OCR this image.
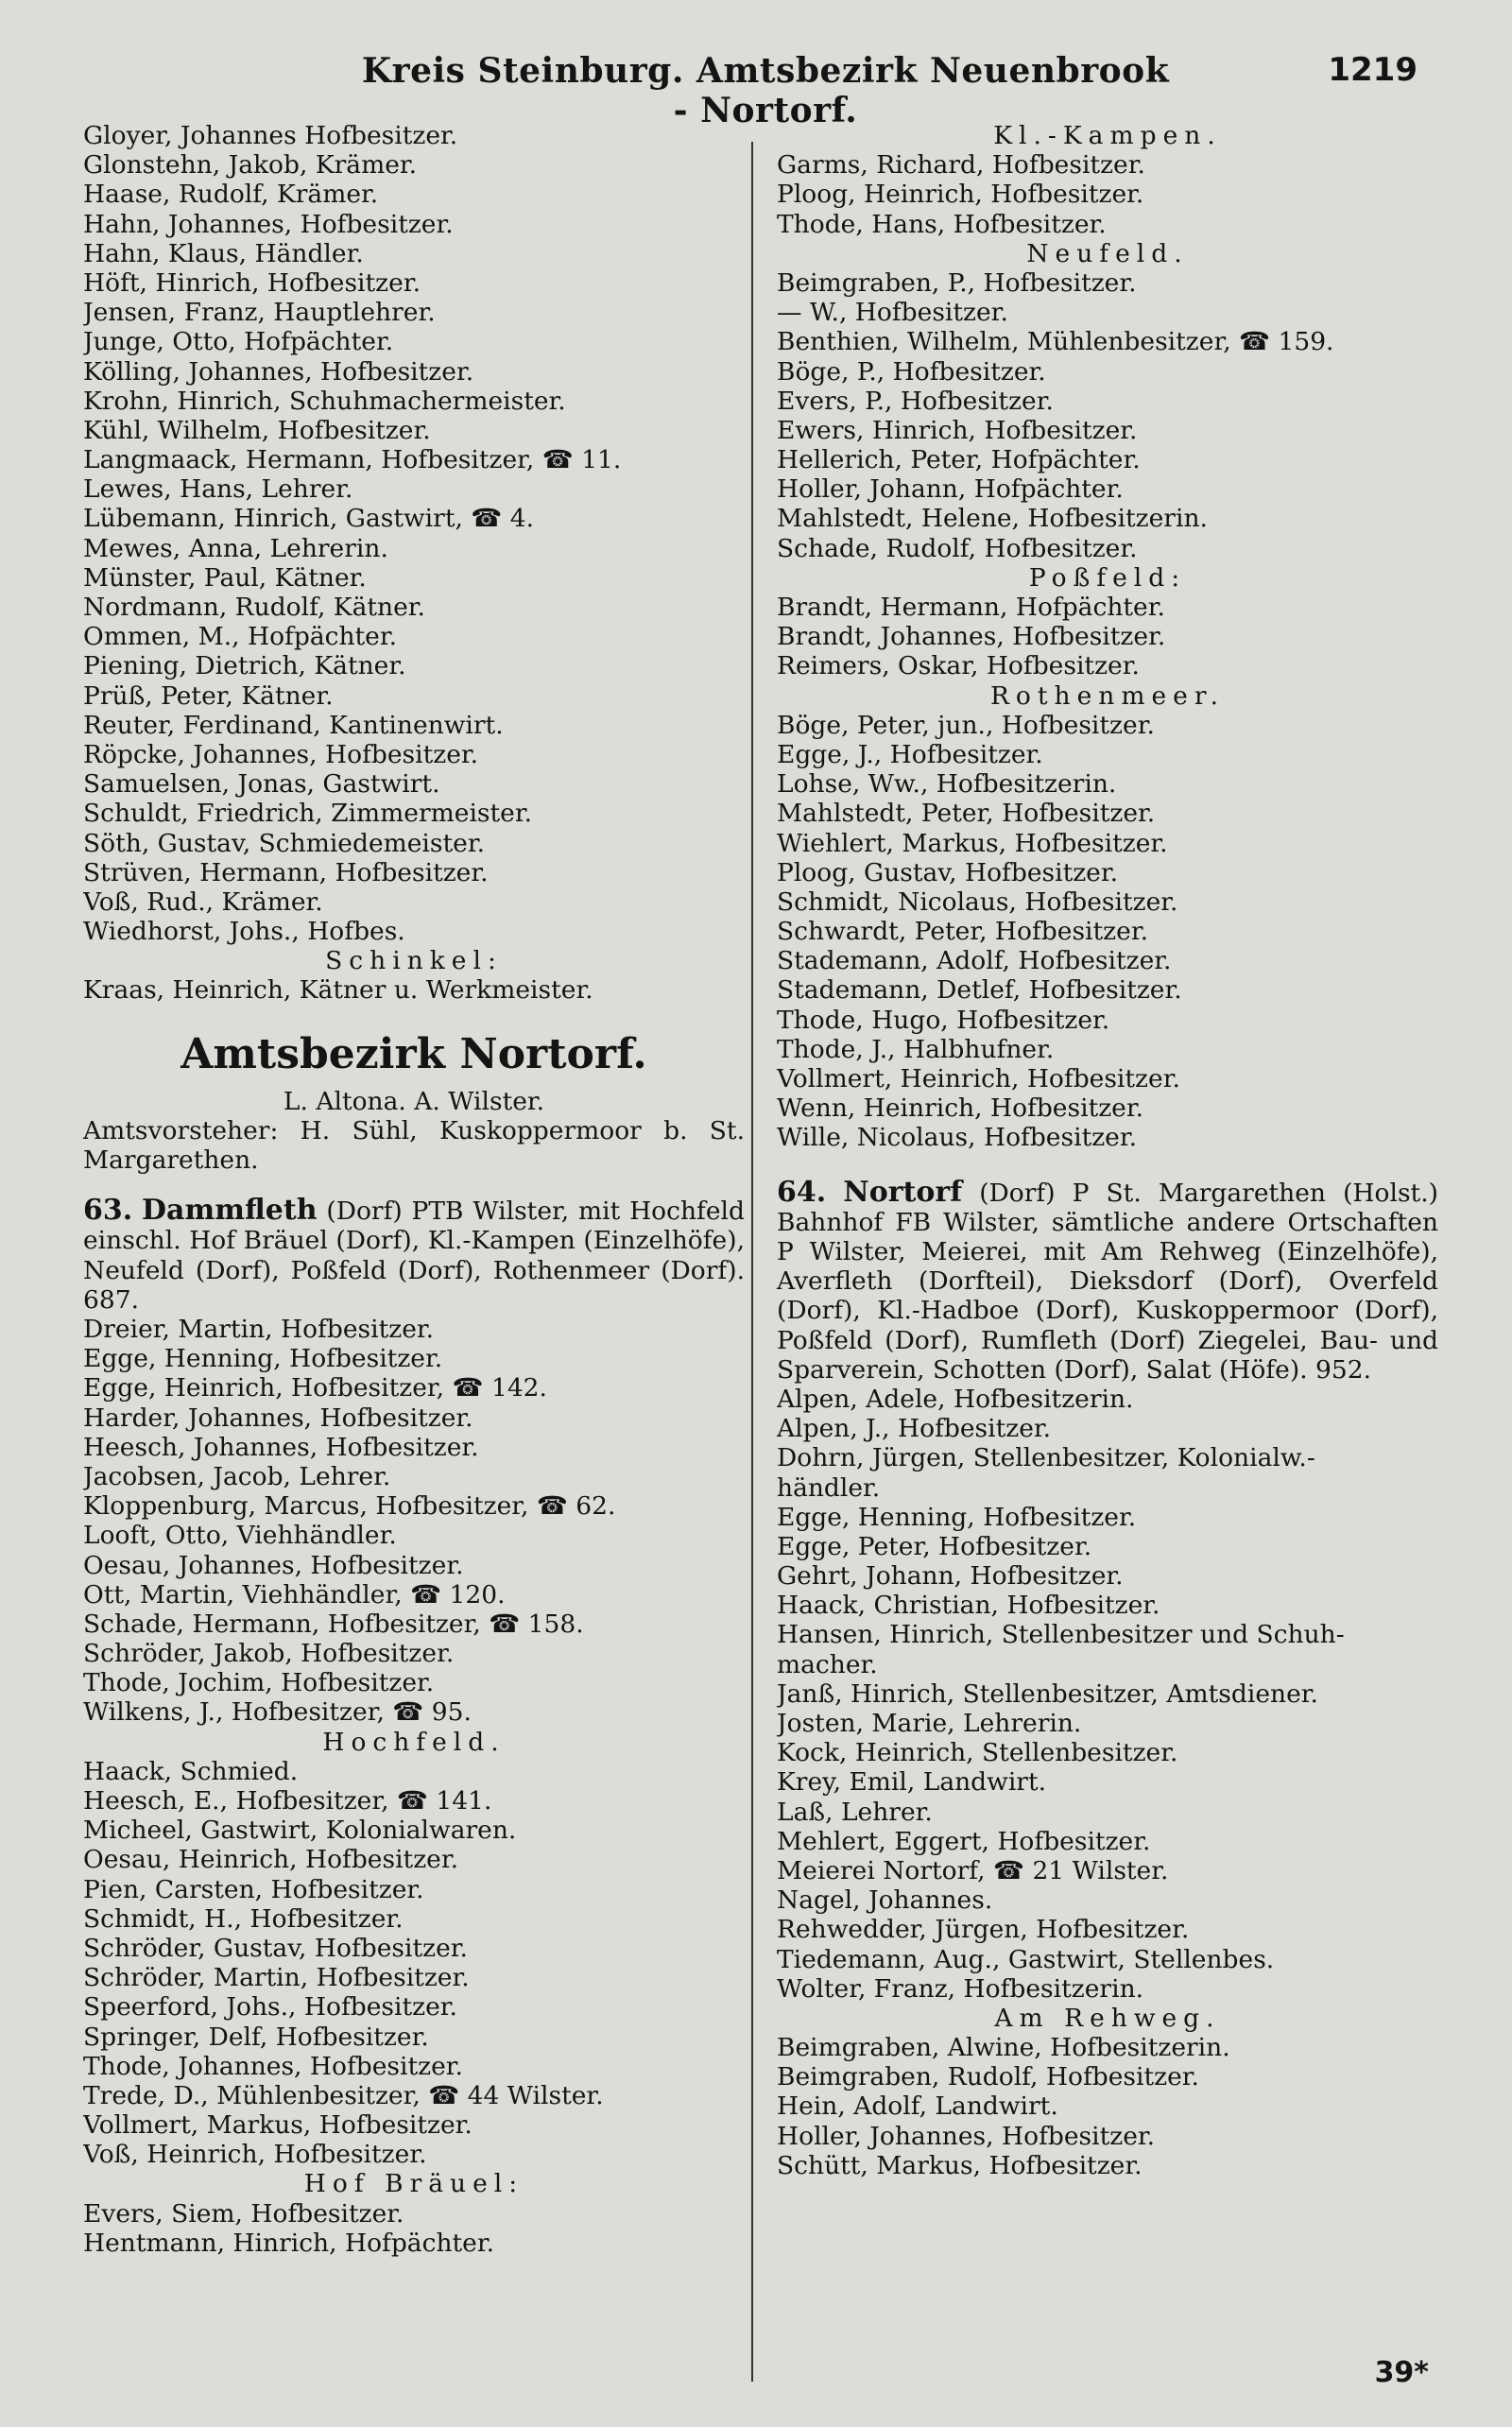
Kreis Steinburg. Amtsbezirk Neuenbrook - Nortorf.
1219
Gloyer, Johannes Hofbesitzer.
Glonstehn, Jakob, Krämer.
Haase, Rudolf, Krämer.
Hahn, Johannes, Hofbesitzer.
Hahn, Klaus, Händler.
Höft, Hinrich, Hofbesitzer.
Jensen, Franz, Hauptlehrer.
Junge, Otto, Hofpächter.
Kölling, Johannes, Hofbesitzer.
Krohn, Hinrich, Schuhmachermeister.
Kühl, Wilhelm, Hofbesitzer.
Langmaack, Hermann, Hofbesitzer, ☎ 11.
Lewes, Hans, Lehrer.
Lübemann, Hinrich, Gastwirt, ☎ 4.
Mewes, Anna, Lehrerin.
Münster, Paul, Kätner.
Nordmann, Rudolf, Kätner.
Ommen, M., Hofpächter.
Piening, Dietrich, Kätner.
Prüß, Peter, Kätner.
Reuter, Ferdinand, Kantinenwirt.
Röpcke, Johannes, Hofbesitzer.
Samuelsen, Jonas, Gastwirt.
Schuldt, Friedrich, Zimmermeister.
Söth, Gustav, Schmiedemeister.
Strüven, Hermann, Hofbesitzer.
Voß, Rud., Krämer.
Wiedhorst, Johs., Hofbes.
Schinkel:
Kraas, Heinrich, Kätner u. Werkmeister.
Amtsbezirk Nortorf.
L. Altona. A. Wilster.
Amtsvorsteher: H. Sühl, Kuskoppermoor b. St. Margarethen.
63. Dammfleth (Dorf) PTB Wilster, mit Hochfeld einschl. Hof Bräuel (Dorf), Kl.-Kampen (Einzelhöfe), Neufeld (Dorf), Poßfeld (Dorf), Rothenmeer (Dorf). 687.
Dreier, Martin, Hofbesitzer.
Egge, Henning, Hofbesitzer.
Egge, Heinrich, Hofbesitzer, ☎ 142.
Harder, Johannes, Hofbesitzer.
Heesch, Johannes, Hofbesitzer.
Jacobsen, Jacob, Lehrer.
Kloppenburg, Marcus, Hofbesitzer, ☎ 62.
Looft, Otto, Viehhändler.
Oesau, Johannes, Hofbesitzer.
Ott, Martin, Viehhändler, ☎ 120.
Schade, Hermann, Hofbesitzer, ☎ 158.
Schröder, Jakob, Hofbesitzer.
Thode, Jochim, Hofbesitzer.
Wilkens, J., Hofbesitzer, ☎ 95.
Hochfeld.
Haack, Schmied.
Heesch, E., Hofbesitzer, ☎ 141.
Micheel, Gastwirt, Kolonialwaren.
Oesau, Heinrich, Hofbesitzer.
Pien, Carsten, Hofbesitzer.
Schmidt, H., Hofbesitzer.
Schröder, Gustav, Hofbesitzer.
Schröder, Martin, Hofbesitzer.
Speerford, Johs., Hofbesitzer.
Springer, Delf, Hofbesitzer.
Thode, Johannes, Hofbesitzer.
Trede, D., Mühlenbesitzer, ☎ 44 Wilster.
Vollmert, Markus, Hofbesitzer.
Voß, Heinrich, Hofbesitzer.
Hof Bräuel:
Evers, Siem, Hofbesitzer.
Hentmann, Hinrich, Hofpächter.
Kl.-Kampen.
Garms, Richard, Hofbesitzer.
Ploog, Heinrich, Hofbesitzer.
Thode, Hans, Hofbesitzer.
Neufeld.
Beimgraben, P., Hofbesitzer.
— W., Hofbesitzer.
Benthien, Wilhelm, Mühlenbesitzer, ☎ 159.
Böge, P., Hofbesitzer.
Evers, P., Hofbesitzer.
Ewers, Hinrich, Hofbesitzer.
Hellerich, Peter, Hofpächter.
Holler, Johann, Hofpächter.
Mahlstedt, Helene, Hofbesitzerin.
Schade, Rudolf, Hofbesitzer.
Poßfeld:
Brandt, Hermann, Hofpächter.
Brandt, Johannes, Hofbesitzer.
Reimers, Oskar, Hofbesitzer.
Rothenmeer.
Böge, Peter, jun., Hofbesitzer.
Egge, J., Hofbesitzer.
Lohse, Ww., Hofbesitzerin.
Mahlstedt, Peter, Hofbesitzer.
Wiehlert, Markus, Hofbesitzer.
Ploog, Gustav, Hofbesitzer.
Schmidt, Nicolaus, Hofbesitzer.
Schwardt, Peter, Hofbesitzer.
Stademann, Adolf, Hofbesitzer.
Stademann, Detlef, Hofbesitzer.
Thode, Hugo, Hofbesitzer.
Thode, J., Halbhufner.
Vollmert, Heinrich, Hofbesitzer.
Wenn, Heinrich, Hofbesitzer.
Wille, Nicolaus, Hofbesitzer.
64. Nortorf (Dorf) P St. Margarethen (Holst.) Bahnhof FB Wilster, sämtliche andere Ortschaften P Wilster, Meierei, mit Am Rehweg (Einzelhöfe), Averfleth (Dorfteil), Dieksdorf (Dorf), Overfeld (Dorf), Kl.-Hadboe (Dorf), Kuskoppermoor (Dorf), Poßfeld (Dorf), Rumfleth (Dorf) Ziegelei, Bau- und Sparverein, Schotten (Dorf), Salat (Höfe). 952.
Alpen, Adele, Hofbesitzerin.
Alpen, J., Hofbesitzer.
Dohrn, Jürgen, Stellenbesitzer, Kolonialw.-
händler.
Egge, Henning, Hofbesitzer.
Egge, Peter, Hofbesitzer.
Gehrt, Johann, Hofbesitzer.
Haack, Christian, Hofbesitzer.
Hansen, Hinrich, Stellenbesitzer und Schuh-
macher.
Janß, Hinrich, Stellenbesitzer, Amtsdiener.
Josten, Marie, Lehrerin.
Kock, Heinrich, Stellenbesitzer.
Krey, Emil, Landwirt.
Laß, Lehrer.
Mehlert, Eggert, Hofbesitzer.
Meierei Nortorf, ☎ 21 Wilster.
Nagel, Johannes.
Rehwedder, Jürgen, Hofbesitzer.
Tiedemann, Aug., Gastwirt, Stellenbes.
Wolter, Franz, Hofbesitzerin.
Am Rehweg.
Beimgraben, Alwine, Hofbesitzerin.
Beimgraben, Rudolf, Hofbesitzer.
Hein, Adolf, Landwirt.
Holler, Johannes, Hofbesitzer.
Schütt, Markus, Hofbesitzer.
39*
